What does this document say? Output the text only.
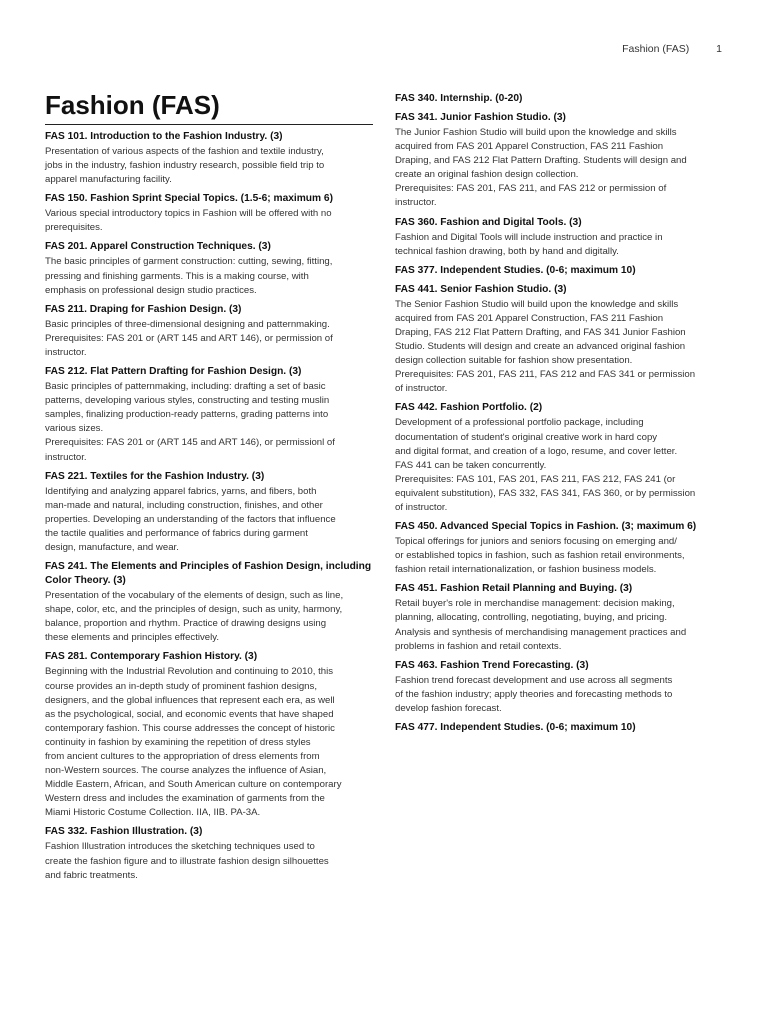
Fashion (FAS)	1
Fashion (FAS)
FAS 101. Introduction to the Fashion Industry. (3)
Presentation of various aspects of the fashion and textile industry,
jobs in the industry, fashion industry research, possible field trip to
apparel manufacturing facility.
FAS 150. Fashion Sprint Special Topics. (1.5-6; maximum 6)
Various special introductory topics in Fashion will be offered with no
prerequisites.
FAS 201. Apparel Construction Techniques. (3)
The basic principles of garment construction: cutting, sewing, fitting,
pressing and finishing garments. This is a making course, with
emphasis on professional design studio practices.
FAS 211. Draping for Fashion Design. (3)
Basic principles of three-dimensional designing and patternmaking.
Prerequisites: FAS 201 or (ART 145 and ART 146), or permission of
instructor.
FAS 212. Flat Pattern Drafting for Fashion Design. (3)
Basic principles of patternmaking, including: drafting a set of basic
patterns, developing various styles, constructing and testing muslin
samples, finalizing production-ready patterns, grading patterns into
various sizes.
Prerequisites: FAS 201 or (ART 145 and ART 146), or permissionl of
instructor.
FAS 221. Textiles for the Fashion Industry. (3)
Identifying and analyzing apparel fabrics, yarns, and fibers, both
man-made and natural, including construction, finishes, and other
properties. Developing an understanding of the factors that influence
the tactile qualities and performance of fabrics during garment
design, manufacture, and wear.
FAS 241. The Elements and Principles of Fashion Design, including
Color Theory. (3)
Presentation of the vocabulary of the elements of design, such as line,
shape, color, etc, and the principles of design, such as unity, harmony,
balance, proportion and rhythm. Practice of drawing designs using
these elements and principles effectively.
FAS 281. Contemporary Fashion History. (3)
Beginning with the Industrial Revolution and continuing to 2010, this
course provides an in-depth study of prominent fashion designs,
designers, and the global influences that represent each era, as well
as the psychological, social, and economic events that have shaped
contemporary fashion. This course addresses the concept of historic
continuity in fashion by examining the repetition of dress styles
from ancient cultures to the appropriation of dress elements from
non-Western sources. The course analyzes the influence of Asian,
Middle Eastern, African, and South American culture on contemporary
Western dress and includes the examination of garments from the
Miami Historic Costume Collection. IIA, IIB. PA-3A.
FAS 332. Fashion Illustration. (3)
Fashion Illustration introduces the sketching techniques used to
create the fashion figure and to illustrate fashion design silhouettes
and fabric treatments.
FAS 340. Internship. (0-20)
FAS 341. Junior Fashion Studio. (3)
The Junior Fashion Studio will build upon the knowledge and skills
acquired from FAS 201 Apparel Construction, FAS 211 Fashion
Draping, and FAS 212 Flat Pattern Drafting. Students will design and
create an original fashion design collection.
Prerequisites: FAS 201, FAS 211, and FAS 212 or permission of
instructor.
FAS 360. Fashion and Digital Tools. (3)
Fashion and Digital Tools will include instruction and practice in
technical fashion drawing, both by hand and digitally.
FAS 377. Independent Studies. (0-6; maximum 10)
FAS 441. Senior Fashion Studio. (3)
The Senior Fashion Studio will build upon the knowledge and skills
acquired from FAS 201 Apparel Construction, FAS 211 Fashion
Draping, FAS 212 Flat Pattern Drafting, and FAS 341 Junior Fashion
Studio. Students will design and create an advanced original fashion
design collection suitable for fashion show presentation.
Prerequisites: FAS 201, FAS 211, FAS 212 and FAS 341 or permission
of instructor.
FAS 442. Fashion Portfolio. (2)
Development of a professional portfolio package, including
documentation of student's original creative work in hard copy
and digital format, and creation of a logo, resume, and cover letter.
FAS 441 can be taken concurrently.
Prerequisites: FAS 101, FAS 201, FAS 211, FAS 212, FAS 241 (or
equivalent substitution), FAS 332, FAS 341, FAS 360, or by permission
of instructor.
FAS 450. Advanced Special Topics in Fashion. (3; maximum 6)
Topical offerings for juniors and seniors focusing on emerging and/
or established topics in fashion, such as fashion retail environments,
fashion retail internationalization, or fashion business models.
FAS 451. Fashion Retail Planning and Buying. (3)
Retail buyer's role in merchandise management: decision making,
planning, allocating, controlling, negotiating, buying, and pricing.
Analysis and synthesis of merchandising management practices and
problems in fashion and retail contexts.
FAS 463. Fashion Trend Forecasting. (3)
Fashion trend forecast development and use across all segments
of the fashion industry; apply theories and forecasting methods to
develop fashion forecast.
FAS 477. Independent Studies. (0-6; maximum 10)
